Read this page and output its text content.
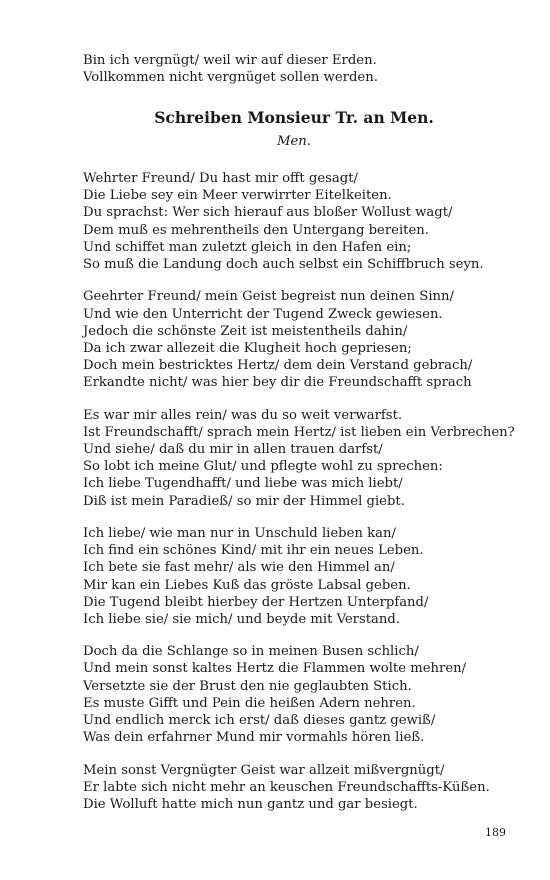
Bin ich vergnügt/ weil wir auf dieser Erden.
Vollkommen nicht vergnüget sollen werden.
Schreiben Monsieur Tr. an Men.
Men.
Wehrter Freund/ Du hast mir offt gesagt/
Die Liebe sey ein Meer verwirrter Eitelkeiten.
Du sprachst: Wer sich hierauf aus bloßer Wollust wagt/
Dem muß es mehrentheils den Untergang bereiten.
Und schiffet man zuletzt gleich in den Hafen ein;
So muß die Landung doch auch selbst ein Schiffbruch seyn.
Geehrter Freund/ mein Geist begreist nun deinen Sinn/
Und wie den Unterricht der Tugend Zweck gewiesen.
Jedoch die schönste Zeit ist meistentheils dahin/
Da ich zwar allezeit die Klugheit hoch gepriesen;
Doch mein bestricktes Hertz/ dem dein Verstand gebrach/
Erkandte nicht/ was hier bey dir die Freundschafft sprach
Es war mir alles rein/ was du so weit verwarfst.
Ist Freundschafft/ sprach mein Hertz/ ist lieben ein Verbrechen?
Und siehe/ daß du mir in allen trauen darfst/
So lobt ich meine Glut/ und pflegte wohl zu sprechen:
Ich liebe Tugendhafft/ und liebe was mich liebt/
Diß ist mein Paradieß/ so mir der Himmel giebt.
Ich liebe/ wie man nur in Unschuld lieben kan/
Ich find ein schönes Kind/ mit ihr ein neues Leben.
Ich bete sie fast mehr/ als wie den Himmel an/
Mir kan ein Liebes Kuß das gröste Labsal geben.
Die Tugend bleibt hierbey der Hertzen Unterpfand/
Ich liebe sie/ sie mich/ und beyde mit Verstand.
Doch da die Schlange so in meinen Busen schlich/
Und mein sonst kaltes Hertz die Flammen wolte mehren/
Versetzte sie der Brust den nie geglaubten Stich.
Es muste Gifft und Pein die heißen Adern nehren.
Und endlich merck ich erst/ daß dieses gantz gewiß/
Was dein erfahrner Mund mir vormahls hören ließ.
Mein sonst Vergnügter Geist war allzeit mißvergnügt/
Er labte sich nicht mehr an keuschen Freundschaffts-Küßen.
Die Wolluft hatte mich nun gantz und gar besiegt.
189
